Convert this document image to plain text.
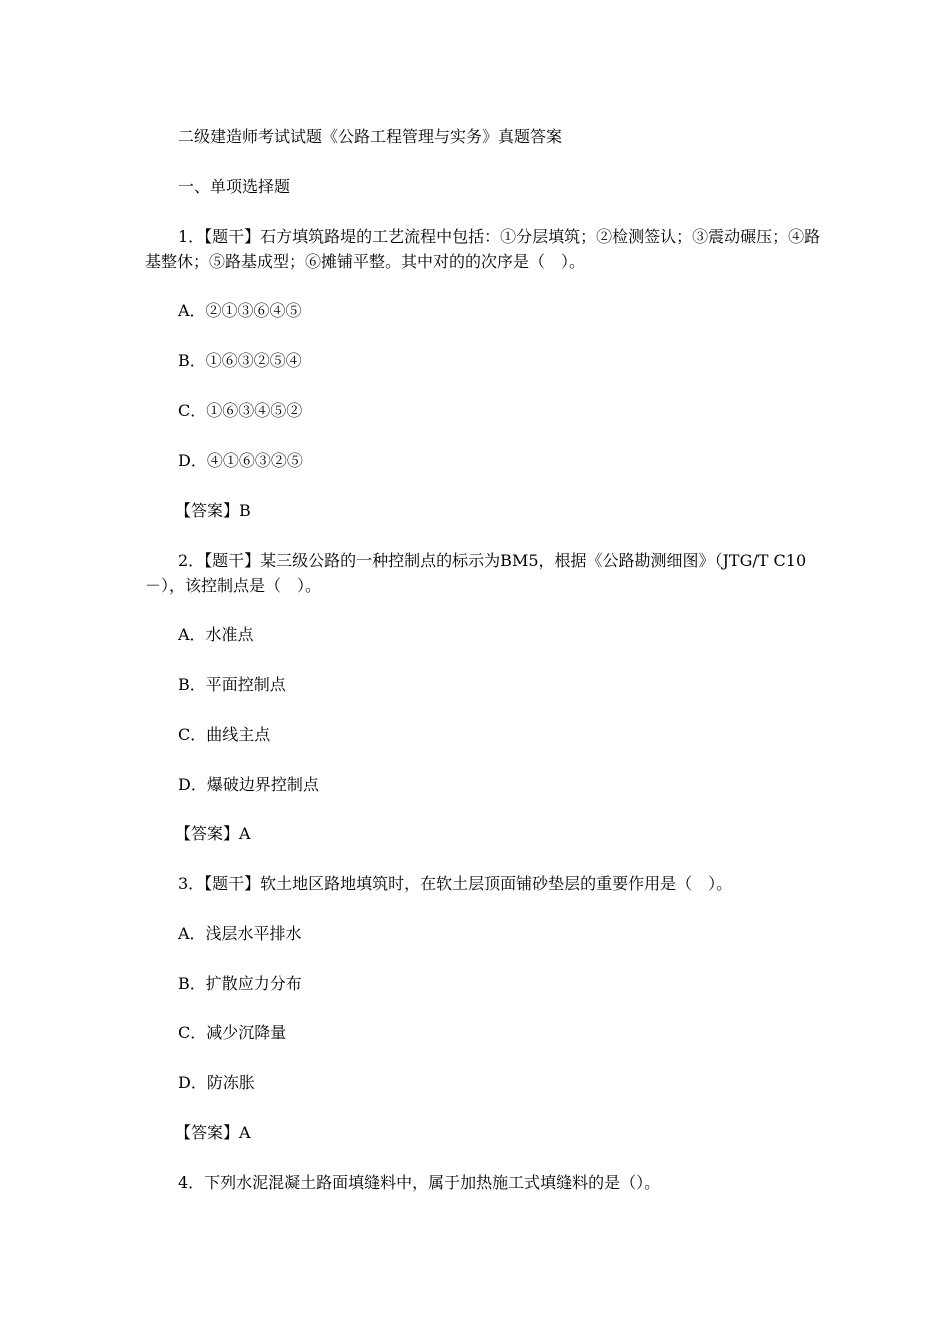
二级建造师考试试题《公路工程管理与实务》真题答案
一、单项选择题
1．【题干】石方填筑路堤的工艺流程中包括：①分层填筑；②检测签认；③震动碾压；④路基整休；⑤路基成型；⑥摊铺平整。其中对的的次序是（　）。
A．②①③⑥④⑤
B．①⑥③②⑤④
C．①⑥③④⑤②
D．④①⑥③②⑤
【答案】B
2．【题干】某三级公路的一种控制点的标示为BM5，根据《公路勘测细图》（JTG/T C10－），该控制点是（　）。
A．水准点
B．平面控制点
C．曲线主点
D．爆破边界控制点
【答案】A
3．【题干】软土地区路地填筑时，在软土层顶面铺砂垫层的重要作用是（　）。
A．浅层水平排水
B．扩散应力分布
C．减少沉降量
D．防冻胀
【答案】A
4．下列水泥混凝土路面填缝料中，属于加热施工式填缝料的是（）。
